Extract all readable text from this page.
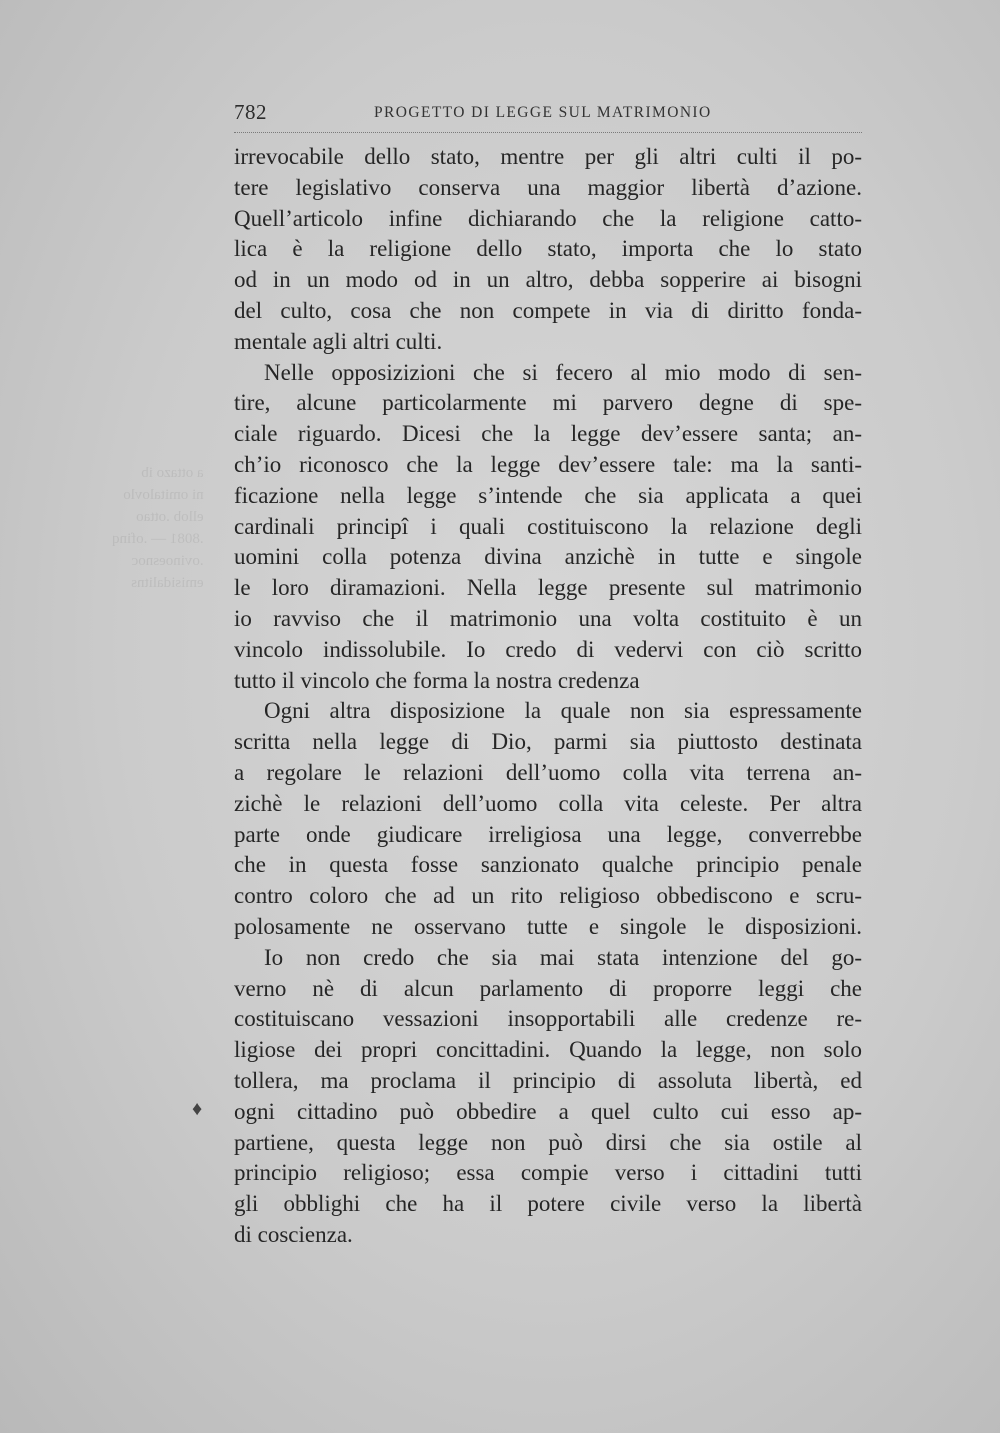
a ottazo ib
ni omitalovlo
ellob .ottao
.8081 — .ofinq
.ovinoesnoc
emisidalitns
782	PROGETTO DI LEGGE SUL MATRIMONIO
♦

irrevocabile dello stato, mentre per gli altri culti il po-
tere legislativo conserva una maggior libertà d’azione.
Quell’articolo infine dichiarando che la religione catto-
lica è la religione dello stato, importa che lo stato
od in un modo od in un altro, debba sopperire ai bisogni
del culto, cosa che non compete in via di diritto fonda-
mentale agli altri culti.

Nelle opposizizioni che si fecero al mio modo di sen-
tire, alcune particolarmente mi parvero degne di spe-
ciale riguardo. Dicesi che la legge dev’essere santa; an-
ch’io riconosco che la legge dev’essere tale: ma la santi-
ficazione nella legge s’intende che sia applicata a quei
cardinali principî i quali costituiscono la relazione degli
uomini colla potenza divina anzichè in tutte e singole
le loro diramazioni. Nella legge presente sul matrimonio
io ravviso che il matrimonio una volta costituito è un
vincolo indissolubile. Io credo di vedervi con ciò scritto
tutto il vincolo che forma la nostra credenza

Ogni altra disposizione la quale non sia espressamente
scritta nella legge di Dio, parmi sia piuttosto destinata
a regolare le relazioni dell’uomo colla vita terrena an-
zichè le relazioni dell’uomo colla vita celeste. Per altra
parte onde giudicare irreligiosa una legge, converrebbe
che in questa fosse sanzionato qualche principio penale
contro coloro che ad un rito religioso obbediscono e scru-
polosamente ne osservano tutte e singole le disposizioni.

Io non credo che sia mai stata intenzione del go-
verno nè di alcun parlamento di proporre leggi che
costituiscano vessazioni insopportabili alle credenze re-
ligiose dei propri concittadini. Quando la legge, non solo
tollera, ma proclama il principio di assoluta libertà, ed
ogni cittadino può obbedire a quel culto cui esso ap-
partiene, questa legge non può dirsi che sia ostile al
principio religioso; essa compie verso i cittadini tutti
gli obblighi che ha il potere civile verso la libertà
di coscienza.
